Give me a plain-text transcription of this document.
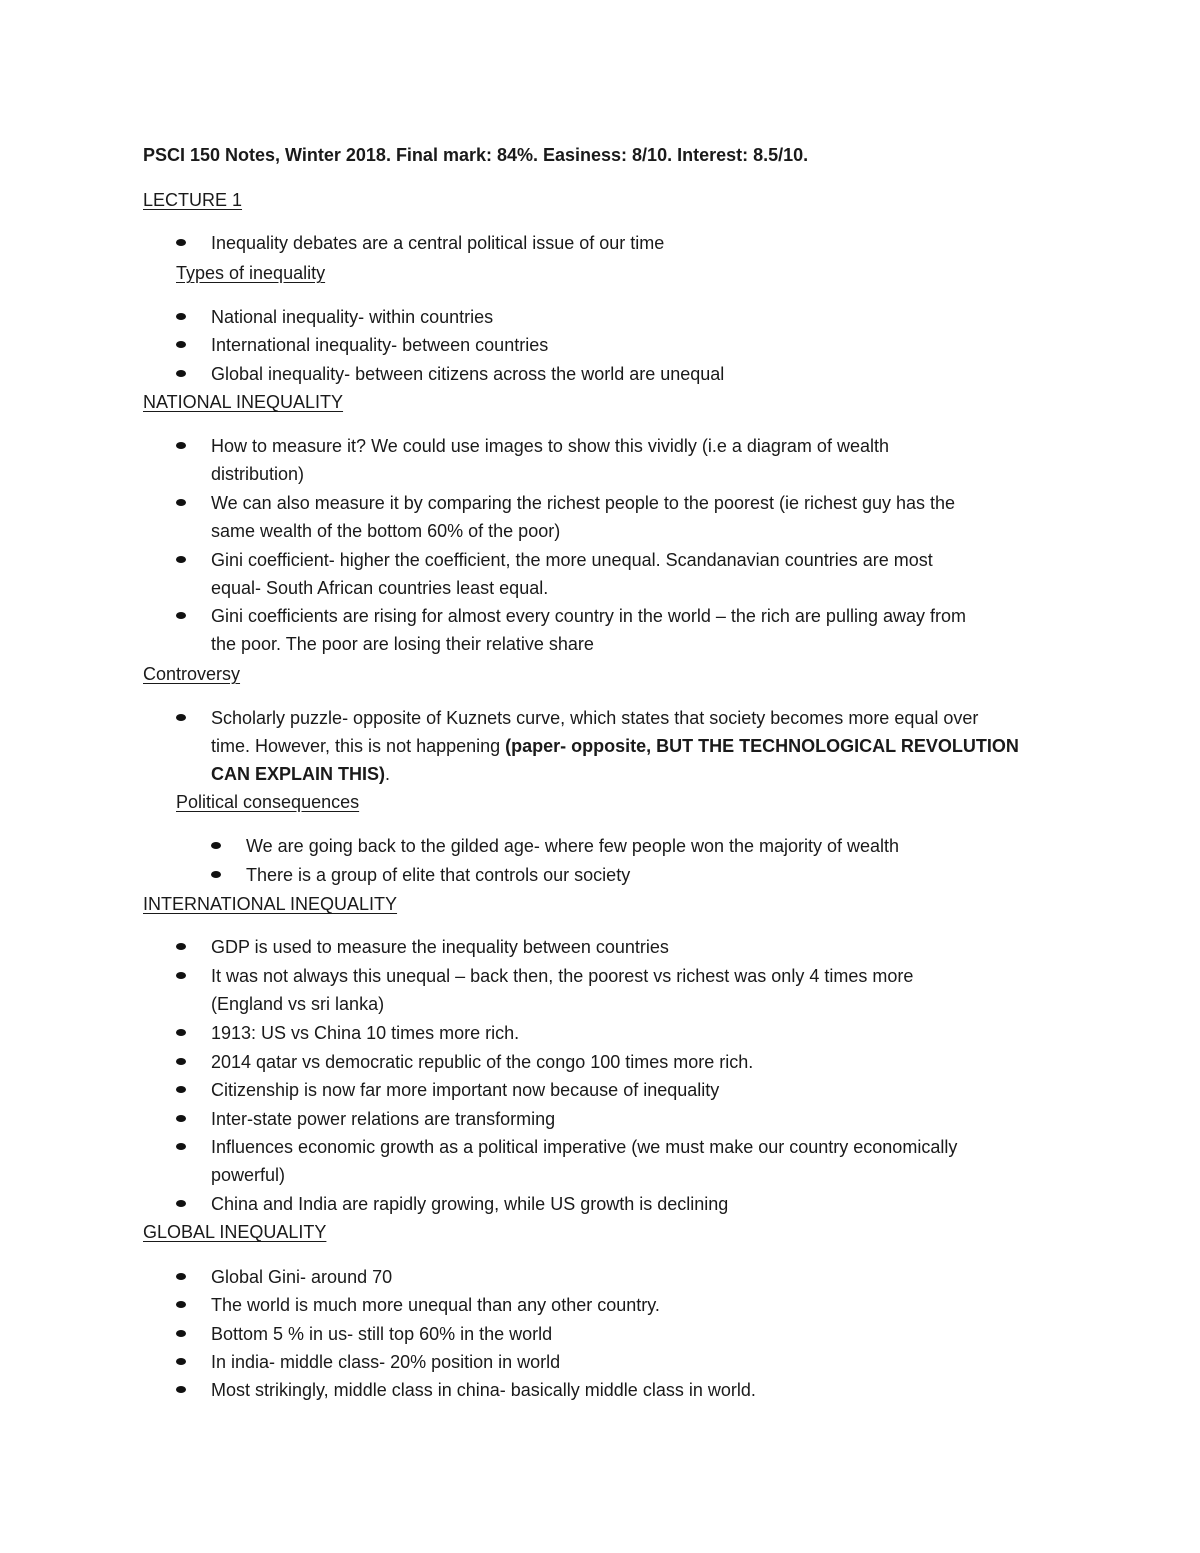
PSCI 150 Notes, Winter 2018. Final mark: 84%. Easiness: 8/10. Interest: 8.5/10.
LECTURE 1
Inequality debates are a central political issue of our time
Types of inequality
National inequality- within countries
International inequality- between countries
Global inequality- between citizens across the world are unequal
NATIONAL INEQUALITY
How to measure it? We could use images to show this vividly (i.e a diagram of wealth
distribution)
We can also measure it by comparing the richest people to the poorest (ie richest guy has the
same wealth of the bottom 60% of the poor)
Gini coefficient- higher the coefficient, the more unequal. Scandanavian countries are most
equal- South African countries least equal.
Gini coefficients are rising for almost every country in the world – the rich are pulling away from
the poor. The poor are losing their relative share
Controversy
Scholarly puzzle- opposite of Kuznets curve, which states that society becomes more equal over
time. However, this is not happening (paper- opposite, BUT THE TECHNOLOGICAL REVOLUTION
CAN EXPLAIN THIS).
Political consequences
We are going back to the gilded age- where few people won the majority of wealth
There is a group of elite that controls our society
INTERNATIONAL INEQUALITY
GDP is used to measure the inequality between countries
It was not always this unequal – back then, the poorest vs richest was only 4 times more
(England vs sri lanka)
1913: US vs China 10 times more rich.
2014 qatar vs democratic republic of the congo 100 times more rich.
Citizenship is now far more important now because of inequality
Inter-state power relations are transforming
Influences economic growth as a political imperative (we must make our country economically
powerful)
China and India are rapidly growing, while US growth is declining
GLOBAL INEQUALITY
Global Gini- around 70
The world is much more unequal than any other country.
Bottom 5 % in us- still top 60% in the world
In india- middle class- 20% position in world
Most strikingly, middle class in china- basically middle class in world.
